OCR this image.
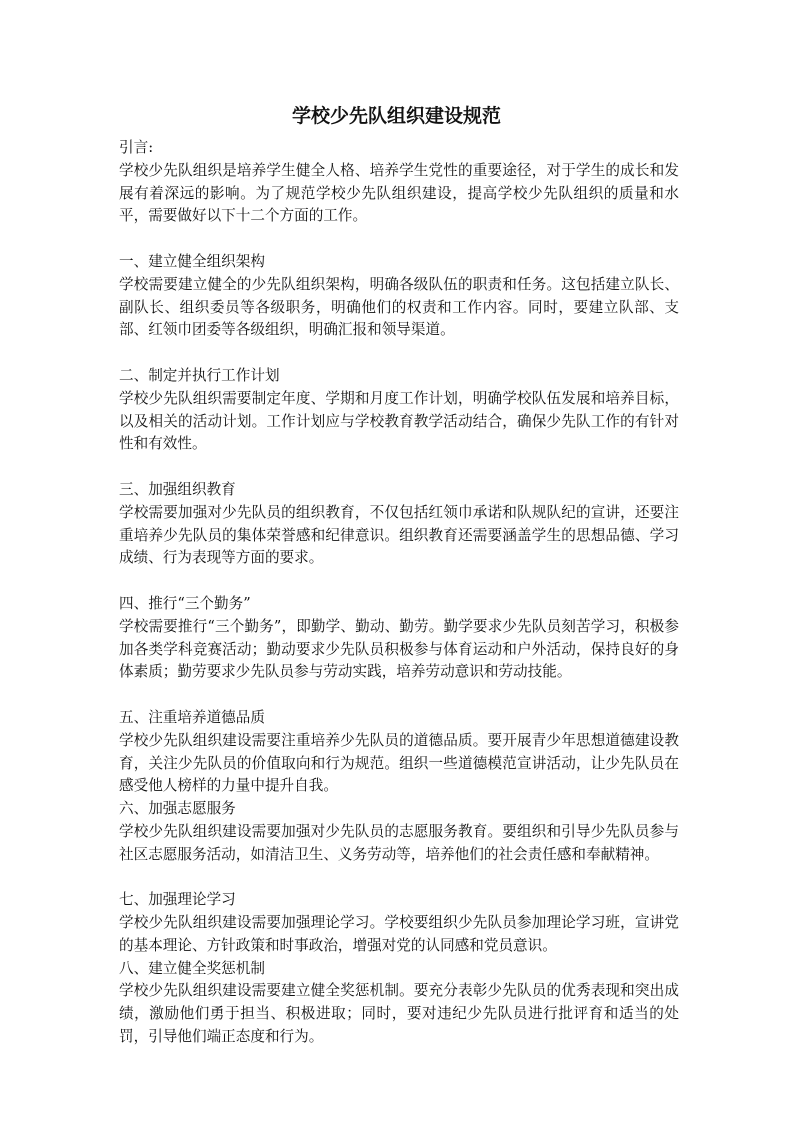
学校少先队组织建设规范

引言:

学校少先队组织是培养学生健全人格、培养学生党性的重要途径，对于学生的成长和发展有着深远的影响。为了规范学校少先队组织建设，提高学校少先队组织的质量和水平，需要做好以下十二个方面的工作。

一、建立健全组织架构

学校需要建立健全的少先队组织架构，明确各级队伍的职责和任务。这包括建立队长、副队长、组织委员等各级职务，明确他们的权责和工作内容。同时，要建立队部、支部、红领巾团委等各级组织，明确汇报和领导渠道。

二、制定并执行工作计划

学校少先队组织需要制定年度、学期和月度工作计划，明确学校队伍发展和培养目标，以及相关的活动计划。工作计划应与学校教育教学活动结合，确保少先队工作的有针对性和有效性。

三、加强组织教育

学校需要加强对少先队员的组织教育，不仅包括红领巾承诺和队规队纪的宣讲，还要注重培养少先队员的集体荣誉感和纪律意识。组织教育还需要涵盖学生的思想品德、学习成绩、行为表现等方面的要求。

四、推行“三个勤务”

学校需要推行“三个勤务”，即勤学、勤动、勤劳。勤学要求少先队员刻苦学习，积极参加各类学科竞赛活动；勤动要求少先队员积极参与体育运动和户外活动，保持良好的身体素质；勤劳要求少先队员参与劳动实践，培养劳动意识和劳动技能。

五、注重培养道德品质

学校少先队组织建设需要注重培养少先队员的道德品质。要开展青少年思想道德建设教育，关注少先队员的价值取向和行为规范。组织一些道德模范宣讲活动，让少先队员在感受他人榜样的力量中提升自我。

六、加强志愿服务

学校少先队组织建设需要加强对少先队员的志愿服务教育。要组织和引导少先队员参与社区志愿服务活动，如清洁卫生、义务劳动等，培养他们的社会责任感和奉献精神。

七、加强理论学习

学校少先队组织建设需要加强理论学习。学校要组织少先队员参加理论学习班，宣讲党的基本理论、方针政策和时事政治，增强对党的认同感和党员意识。

八、建立健全奖惩机制

学校少先队组织建设需要建立健全奖惩机制。要充分表彰少先队员的优秀表现和突出成绩，激励他们勇于担当、积极进取；同时，要对违纪少先队员进行批评育和适当的处罚，引导他们端正态度和行为。
